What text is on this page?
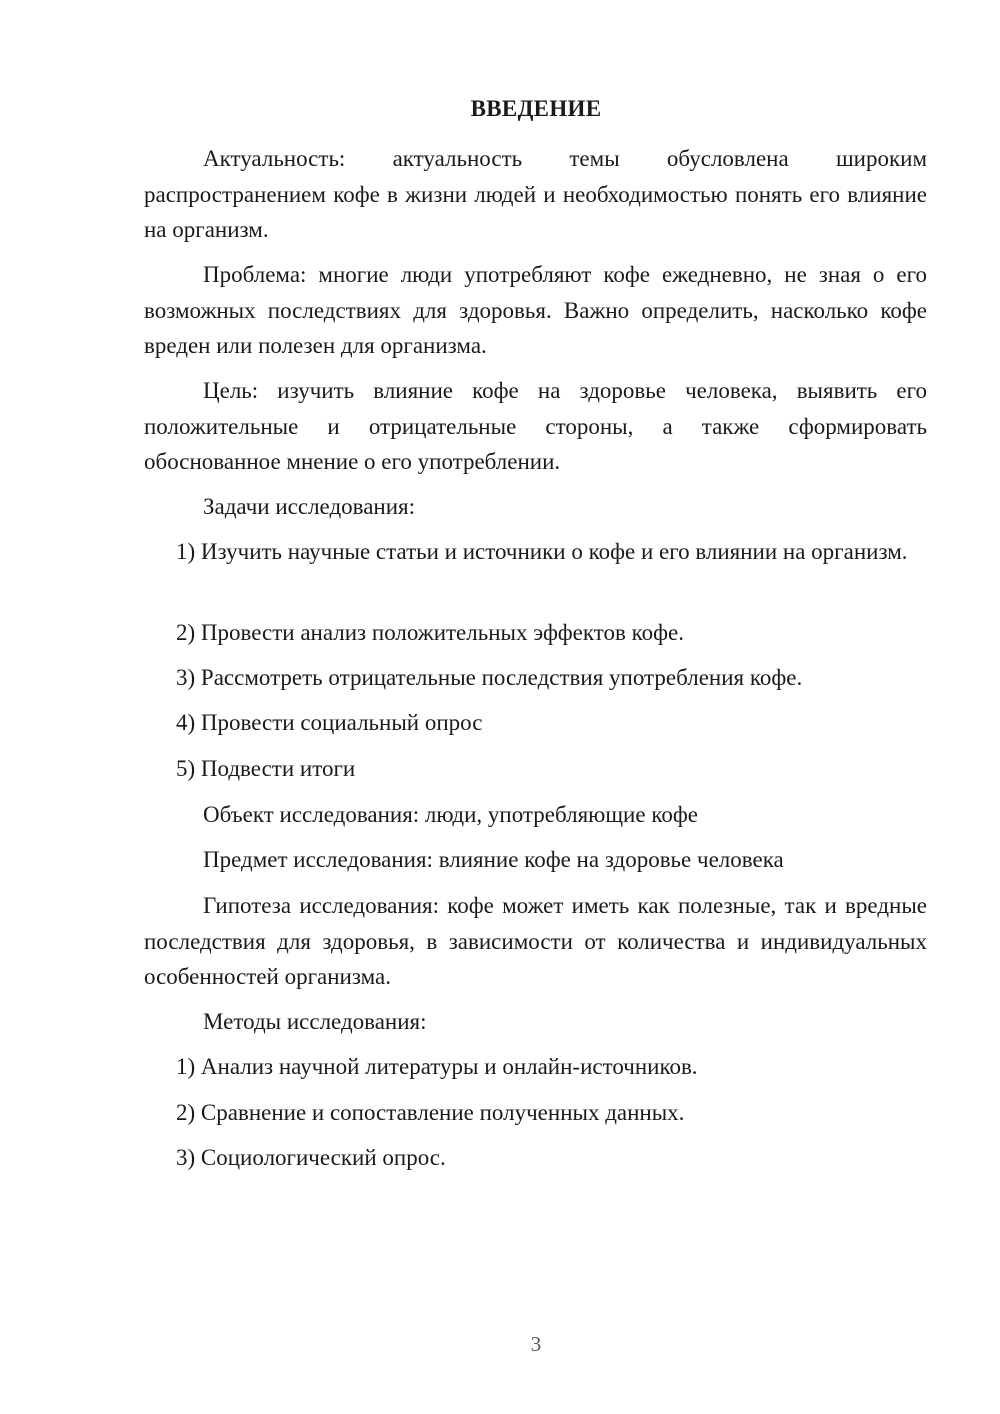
ВВЕДЕНИЕ

Актуальность: актуальность темы обусловлена широким распространением кофе в жизни людей и необходимостью понять его влияние на организм.

Проблема: многие люди употребляют кофе ежедневно, не зная о его возможных последствиях для здоровья. Важно определить, насколько кофе вреден или полезен для организма.

Цель: изучить влияние кофе на здоровье человека, выявить его положительные и отрицательные стороны, а также сформировать обоснованное мнение о его употреблении.

Задачи исследования:

1) Изучить научные статьи и источники о кофе и его влиянии на организм.

2) Провести анализ положительных эффектов кофе.
3) Рассмотреть отрицательные последствия употребления кофе.
4) Провести социальный опрос
5) Подвести итоги
Объект исследования: люди, употребляющие кофе
Предмет исследования: влияние кофе на здоровье человека

Гипотеза исследования: кофе может иметь как полезные, так и вредные последствия для здоровья, в зависимости от количества и индивидуальных особенностей организма.

Методы исследования:
1) Анализ научной литературы и онлайн-источников.
2) Сравнение и сопоставление полученных данных.
3) Социологический опрос.
3
